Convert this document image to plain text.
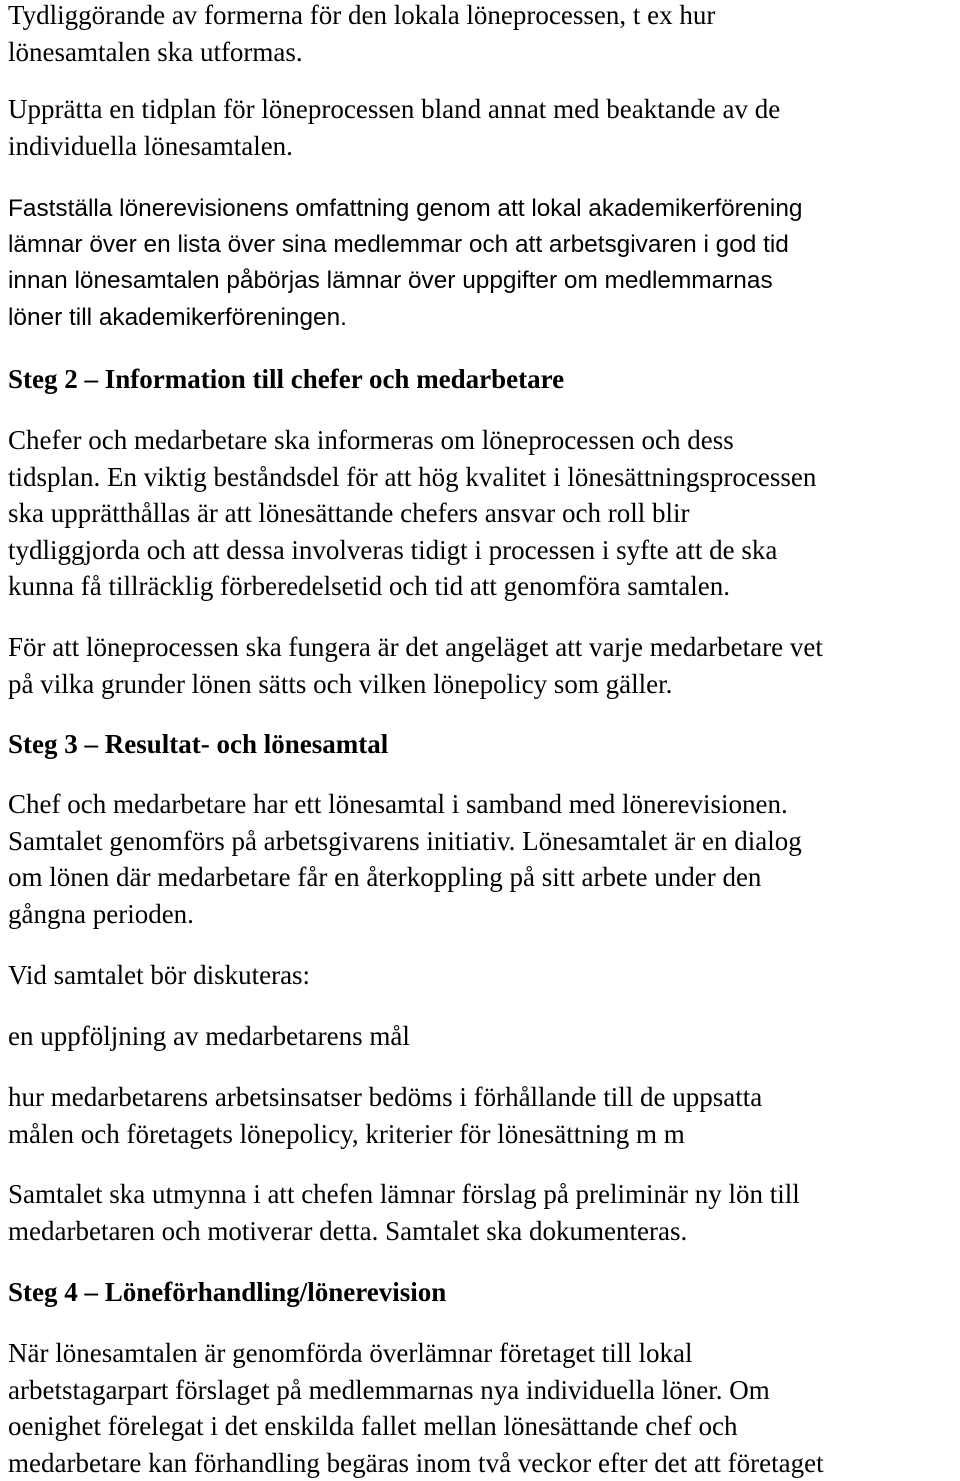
Tydliggörande av formerna för den lokala löneprocessen, t ex hur
lönesamtalen ska utformas.

Upprätta en tidplan för löneprocessen bland annat med beaktande av de
individuella lönesamtalen.

Fastställa lönerevisionens omfattning genom att lokal akademikerförening
lämnar över en lista över sina medlemmar och att arbetsgivaren i god tid
innan lönesamtalen påbörjas lämnar över uppgifter om medlemmarnas
löner till akademikerföreningen.

Steg 2 – Information till chefer och medarbetare

Chefer och medarbetare ska informeras om löneprocessen och dess
tidsplan. En viktig beståndsdel för att hög kvalitet i lönesättningsprocessen
ska upprätthållas är att lönesättande chefers ansvar och roll blir
tydliggjorda och att dessa involveras tidigt i processen i syfte att de ska
kunna få tillräcklig förberedelsetid och tid att genomföra samtalen.

För att löneprocessen ska fungera är det angeläget att varje medarbetare vet
på vilka grunder lönen sätts och vilken lönepolicy som gäller.

Steg 3 – Resultat- och lönesamtal

Chef och medarbetare har ett lönesamtal i samband med lönerevisionen.
Samtalet genomförs på arbetsgivarens initiativ. Lönesamtalet är en dialog
om lönen där medarbetare får en återkoppling på sitt arbete under den
gångna perioden.

Vid samtalet bör diskuteras:

en uppföljning av medarbetarens mål

hur medarbetarens arbetsinsatser bedöms i förhållande till de uppsatta
målen och företagets lönepolicy, kriterier för lönesättning m m

Samtalet ska utmynna i att chefen lämnar förslag på preliminär ny lön till
medarbetaren och motiverar detta. Samtalet ska dokumenteras.

Steg 4 – Löneförhandling/lönerevision

När lönesamtalen är genomförda överlämnar företaget till lokal
arbetstagarpart förslaget på medlemmarnas nya individuella löner. Om
oenighet förelegat i det enskilda fallet mellan lönesättande chef och
medarbetare kan förhandling begäras inom två veckor efter det att företaget
